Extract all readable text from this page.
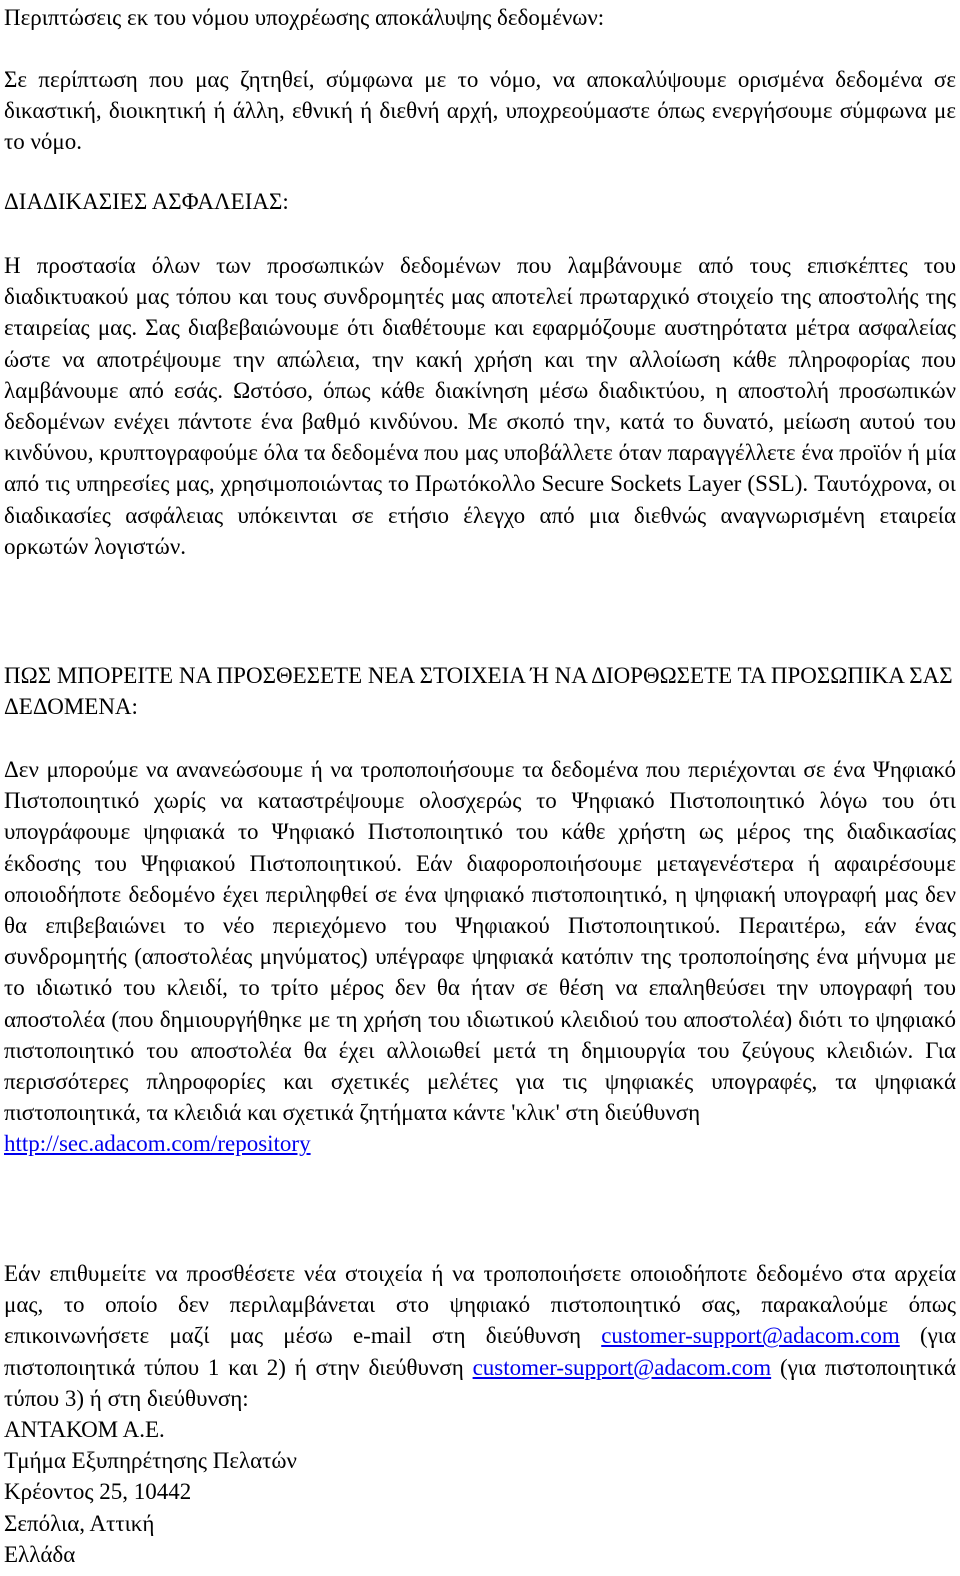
Περιπτώσεις εκ του νόμου υποχρέωσης αποκάλυψης δεδομένων:

Σε περίπτωση που μας ζητηθεί, σύμφωνα με το νόμο, να αποκαλύψουμε ορισμένα δεδομένα σε δικαστική, διοικητική ή άλλη, εθνική ή διεθνή αρχή, υποχρεούμαστε όπως ενεργήσουμε σύμφωνα με το νόμο.

ΔΙΑΔΙΚΑΣΙΕΣ ΑΣΦΑΛΕΙΑΣ:

Η προστασία όλων των προσωπικών δεδομένων που λαμβάνουμε από τους επισκέπτες του διαδικτυακού μας τόπου και τους συνδρομητές μας αποτελεί πρωταρχικό στοιχείο της αποστολής της εταιρείας μας. Σας διαβεβαιώνουμε ότι διαθέτουμε και εφαρμόζουμε αυστηρότατα μέτρα ασφαλείας ώστε να αποτρέψουμε την απώλεια, την κακή χρήση και την αλλοίωση κάθε πληροφορίας που λαμβάνουμε από εσάς. Ωστόσο, όπως κάθε διακίνηση μέσω διαδικτύου, η αποστολή προσωπικών δεδομένων ενέχει πάντοτε ένα βαθμό κινδύνου. Με σκοπό την, κατά το δυνατό, μείωση αυτού του κινδύνου, κρυπτογραφούμε όλα τα δεδομένα που μας υποβάλλετε όταν παραγγέλλετε ένα προϊόν ή μία από τις υπηρεσίες μας, χρησιμοποιώντας το Πρωτόκολλο Secure Sockets Layer (SSL). Ταυτόχρονα, οι διαδικασίες ασφάλειας υπόκεινται σε ετήσιο έλεγχο από μια διεθνώς αναγνωρισμένη εταιρεία ορκωτών λογιστών.

ΠΩΣ ΜΠΟΡΕΙΤΕ ΝΑ ΠΡΟΣΘΕΣΕΤΕ ΝΕΑ ΣΤΟΙΧΕΙΑ Ή ΝΑ ΔΙΟΡΘΩΣΕΤΕ ΤΑ ΠΡΟΣΩΠΙΚΑ ΣΑΣ ΔΕΔΟΜΕΝΑ:

Δεν μπορούμε να ανανεώσουμε ή να τροποποιήσουμε τα δεδομένα που περιέχονται σε ένα Ψηφιακό Πιστοποιητικό χωρίς να καταστρέψουμε ολοσχερώς το Ψηφιακό Πιστοποιητικό λόγω του ότι υπογράφουμε ψηφιακά το Ψηφιακό Πιστοποιητικό του κάθε χρήστη ως μέρος της διαδικασίας έκδοσης του Ψηφιακού Πιστοποιητικού. Εάν διαφοροποιήσουμε μεταγενέστερα ή αφαιρέσουμε οποιοδήποτε δεδομένο έχει περιληφθεί σε ένα ψηφιακό πιστοποιητικό, η ψηφιακή υπογραφή μας δεν θα επιβεβαιώνει το νέο περιεχόμενο του Ψηφιακού Πιστοποιητικού. Περαιτέρω, εάν ένας συνδρομητής (αποστολέας μηνύματος) υπέγραφε ψηφιακά κατόπιν της τροποποίησης ένα μήνυμα με το ιδιωτικό του κλειδί, το τρίτο μέρος δεν θα ήταν σε θέση να επαληθεύσει την υπογραφή του αποστολέα (που δημιουργήθηκε με τη χρήση του ιδιωτικού κλειδιού του αποστολέα) διότι το ψηφιακό πιστοποιητικό του αποστολέα θα έχει αλλοιωθεί μετά τη δημιουργία του ζεύγους κλειδιών. Για περισσότερες πληροφορίες και σχετικές μελέτες για τις ψηφιακές υπογραφές, τα ψηφιακά πιστοποιητικά, τα κλειδιά και σχετικά ζητήματα κάντε 'κλικ' στη διεύθυνση
http://sec.adacom.com/repository
Εάν επιθυμείτε να προσθέσετε νέα στοιχεία ή να τροποποιήσετε οποιοδήποτε δεδομένο στα αρχεία μας, το οποίο δεν περιλαμβάνεται στο ψηφιακό πιστοποιητικό σας, παρακαλούμε όπως επικοινωνήσετε μαζί μας μέσω e-mail στη διεύθυνση customer-support@adacom.com (για πιστοποιητικά τύπου 1 και 2) ή στην διεύθυνση customer-support@adacom.com (για πιστοποιητικά τύπου 3) ή στη διεύθυνση:
ΑΝΤΑΚΟΜ Α.Ε.
Τμήμα Εξυπηρέτησης Πελατών
Κρέοντος 25, 10442
Σεπόλια, Αττική
Ελλάδα
